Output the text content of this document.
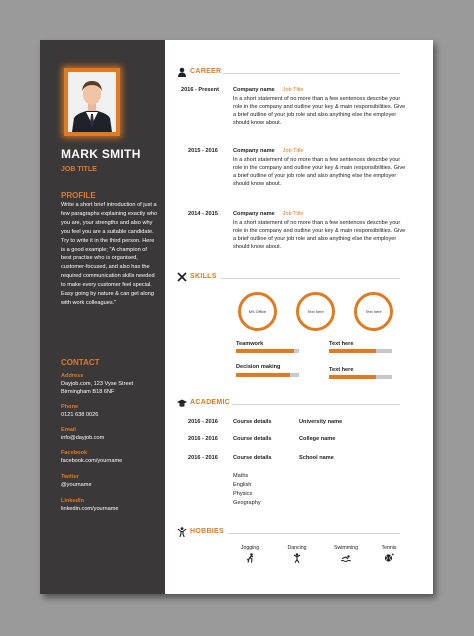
MARK SMITH
JOB TITLE
PROFILE
Write a short brief introduction of just a few paragraphs explaining exactly who you are, your strengths and also why you feel you are a suitable candidate. Try to write it in the third person. Here is a good example; "A champion of best practise who is organised, customer-focused, and also has the required communication skills needed to make every customer feel special. Easy going by nature & can get along with work colleagues."
CONTACT
Address
Dayjob.com, 123 Vyse Street
Birmingham B18 6NF
Phone
0121 638 0026
Email
info@dayjob.com
Facebook
facebook.com/yourname
Twitter
@yourname
Linkedin
linkedin.com/yourname
CAREER
2016 - Present	Company name Job Title
In a short statement of no more than a few sentences describe your role in the company and outline your key & main responsibilities. Give a brief outline of your job role and also anything else the employer should know about.
2015 - 2016	Company name Job Title
In a short statement of no more than a few sentences describe your role in the company and outline your key & main responsibilities. Give a brief outline of your job role and also anything else the employer should know about.
2014 - 2015	Company name Job Title
In a short statement of no more than a few sentences describe your role in the company and outline your key & main responsibilities. Give a brief outline of your job role and also anything else the employer should know about.
SKILLS
MS Office	Text here	Text here
Teamwork	Text here
Decision making	Text here
ACADEMIC
2016 - 2016	Course details	University name
2016 - 2016	Course details	College name
2016 - 2016	Course details	School name
Maths
English
Physics
Geography
HOBBIES
Jogging	Dancing	Swimming	Tennis
